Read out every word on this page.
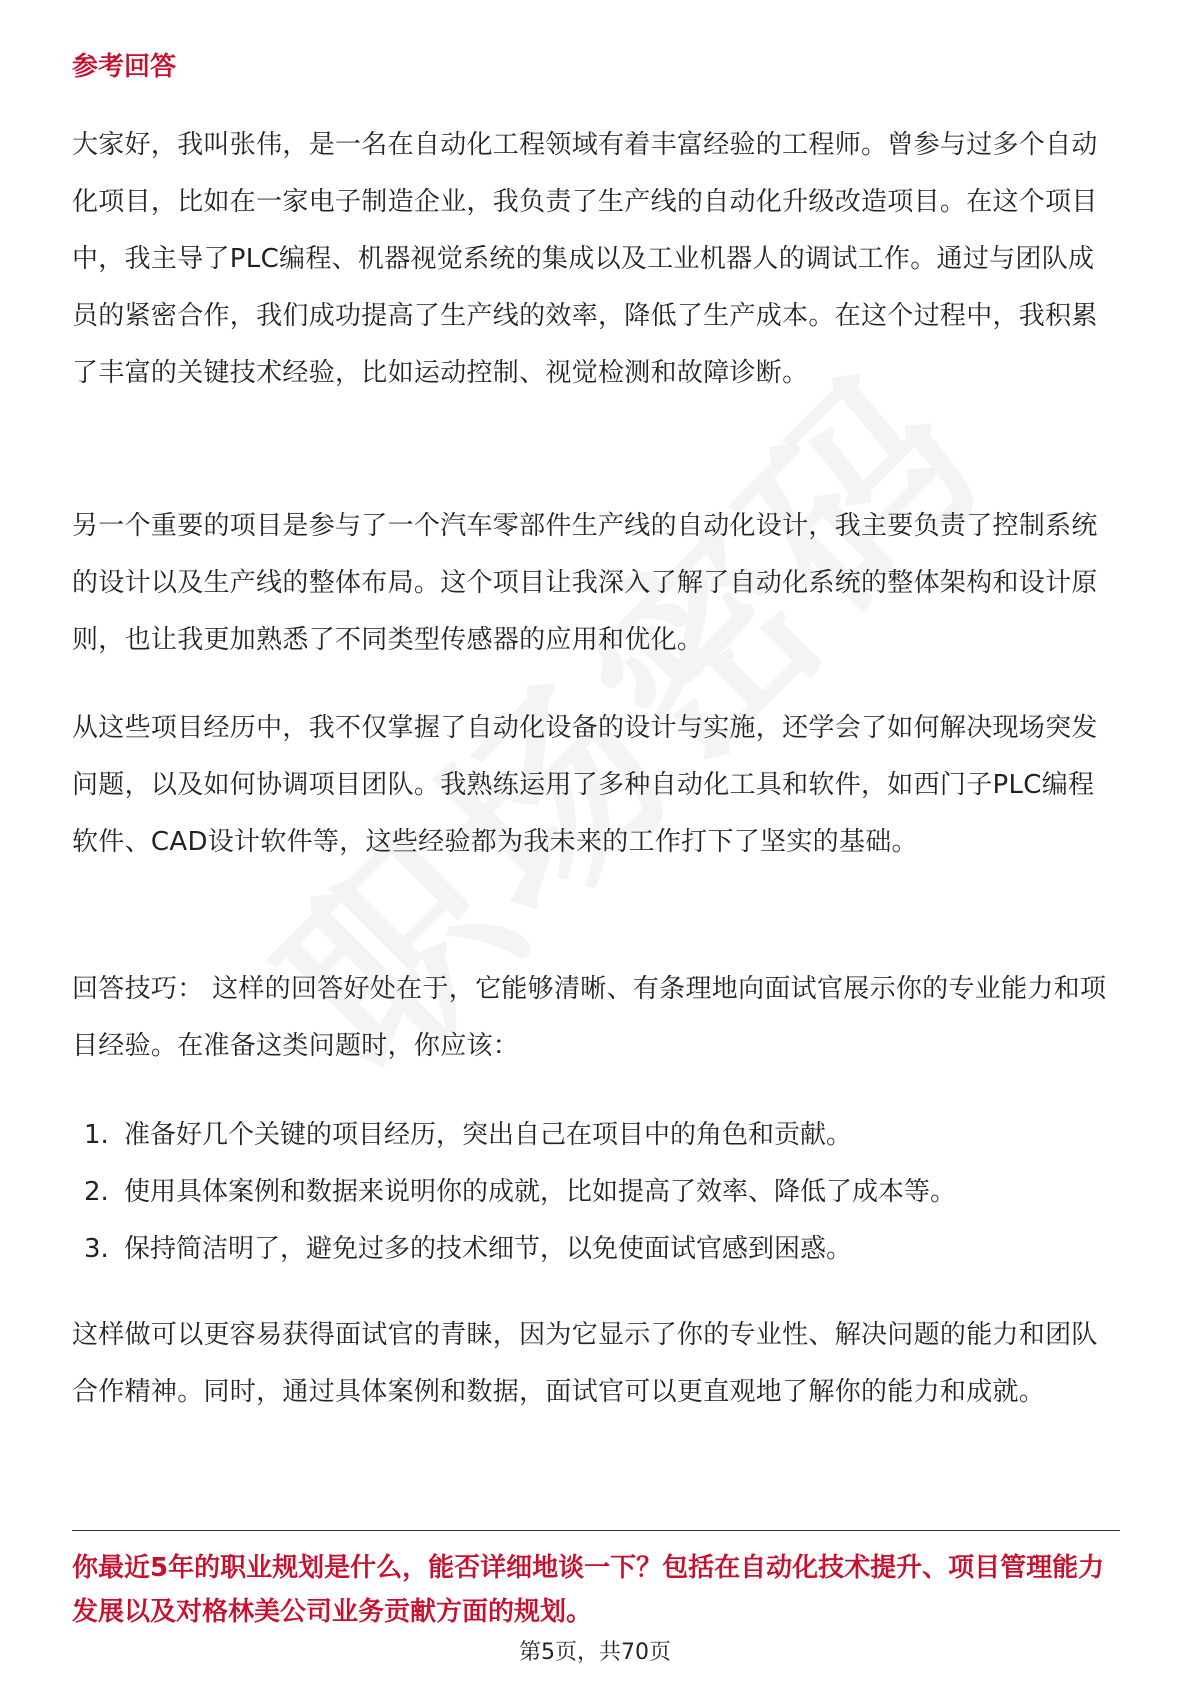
参考回答

大家好，我叫张伟，是一名在自动化工程领域有着丰富经验的工程师。曾参与过多个自动化项目，比如在一家电子制造企业，我负责了生产线的自动化升级改造项目。在这个项目中，我主导了PLC编程、机器视觉系统的集成以及工业机器人的调试工作。通过与团队成员的紧密合作，我们成功提高了生产线的效率，降低了生产成本。在这个过程中，我积累了丰富的关键技术经验，比如运动控制、视觉检测和故障诊断。

另一个重要的项目是参与了一个汽车零部件生产线的自动化设计，我主要负责了控制系统的设计以及生产线的整体布局。这个项目让我深入了解了自动化系统的整体架构和设计原则，也让我更加熟悉了不同类型传感器的应用和优化。

从这些项目经历中，我不仅掌握了自动化设备的设计与实施，还学会了如何解决现场突发问题，以及如何协调项目团队。我熟练运用了多种自动化工具和软件，如西门子PLC编程软件、CAD设计软件等，这些经验都为我未来的工作打下了坚实的基础。

回答技巧： 这样的回答好处在于，它能够清晰、有条理地向面试官展示你的专业能力和项目经验。在准备这类问题时，你应该：

1. 准备好几个关键的项目经历，突出自己在项目中的角色和贡献。
2. 使用具体案例和数据来说明你的成就，比如提高了效率、降低了成本等。
3. 保持简洁明了，避免过多的技术细节，以免使面试官感到困惑。

这样做可以更容易获得面试官的青睐，因为它显示了你的专业性、解决问题的能力和团队合作精神。同时，通过具体案例和数据，面试官可以更直观地了解你的能力和成就。

你最近5年的职业规划是什么，能否详细地谈一下？包括在自动化技术提升、项目管理能力发展以及对格林美公司业务贡献方面的规划。

第5页，共70页
